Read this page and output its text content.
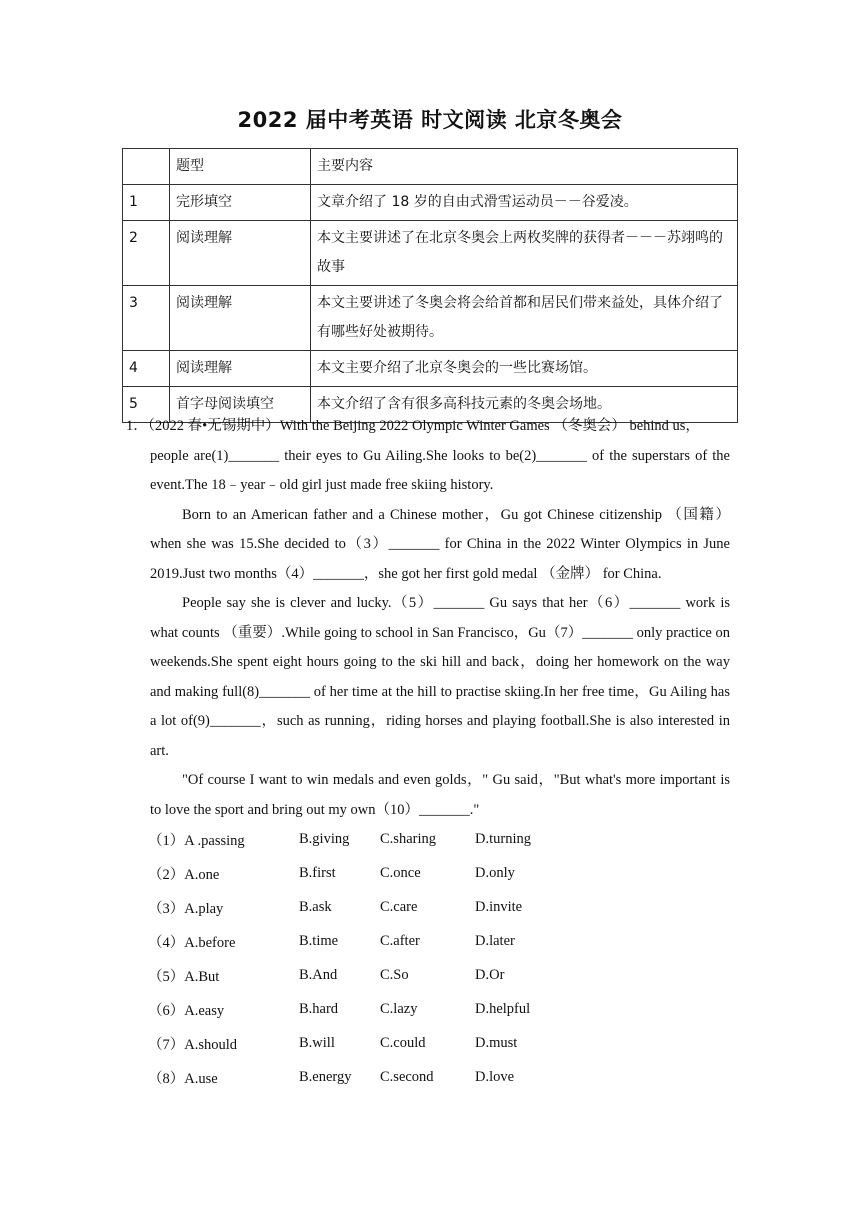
2022 届中考英语 时文阅读 北京冬奥会
	题型	主要内容
1	完形填空	文章介绍了 18 岁的自由式滑雪运动员－－谷爱凌。
2	阅读理解	本文主要讲述了在北京冬奥会上两枚奖牌的获得者－－－苏翊鸣的故事
3	阅读理解	本文主要讲述了冬奥会将会给首都和居民们带来益处，具体介绍了有哪些好处被期待。
4	阅读理解	本文主要介绍了北京冬奥会的一些比赛场馆。
5	首字母阅读填空	本文介绍了含有很多高科技元素的冬奥会场地。
1．（2022 春•无锡期中）With the Beijing 2022 Olympic Winter Games （冬奥会） behind us，
people are(1)_______ their eyes to Gu Ailing.She looks to be(2)_______ of the superstars of the event.The 18﹣year﹣old girl just made free skiing history.
Born to an American father and a Chinese mother，Gu got Chinese citizenship （国籍） when she was 15.She decided to（3）_______ for China in the 2022 Winter Olympics in June 2019.Just two months（4）_______，she got her first gold medal （金牌） for China.
People say she is clever and lucky.（5）_______ Gu says that her（6）_______ work is what counts （重要）.While going to school in San Francisco，Gu（7）_______ only practice on weekends.She spent eight hours going to the ski hill and back，doing her homework on the way and making full(8)_______ of her time at the hill to practise skiing.In her free time，Gu Ailing has a lot of(9)_______，such as running，riding horses and playing football.She is also interested in art.
"Of course I want to win medals and even golds，" Gu said，"But what's more important is to love the sport and bring out my own（10）_______."
（1）A .passing	B.giving	C.sharing	D.turning
（2）A.one	B.first	C.once	D.only
（3）A.play	B.ask	C.care	D.invite
（4）A.before	B.time	C.after	D.later
（5）A.But	B.And	C.So	D.Or
（6）A.easy	B.hard	C.lazy	D.helpful
（7）A.should	B.will	C.could	D.must
（8）A.use	B.energy	C.second	D.love
